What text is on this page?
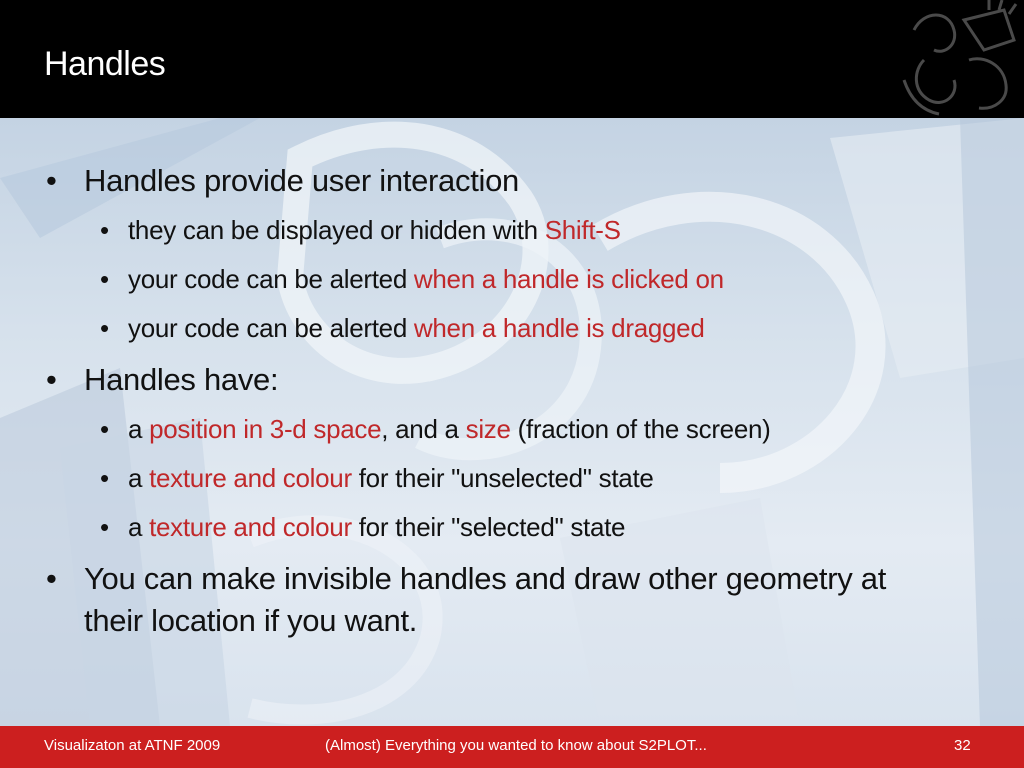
Handles
• Handles provide user interaction
• they can be displayed or hidden with Shift-S
• your code can be alerted when a handle is clicked on
• your code can be alerted when a handle is dragged
• Handles have:
• a position in 3-d space, and a size (fraction of the screen)
• a texture and colour for their "unselected" state
• a texture and colour for their "selected" state
• You can make invisible handles and draw other geometry at
their location if you want.
Visualizaton at ATNF 2009	(Almost) Everything you wanted to know about S2PLOT...	32
